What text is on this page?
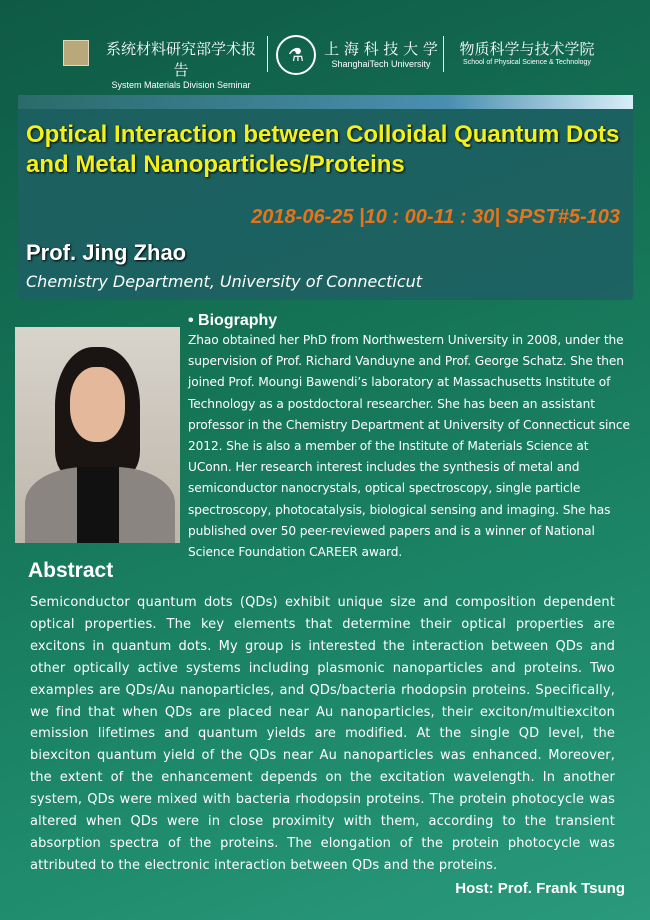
系统材料研究部学术报告
System Materials Division Seminar
⚗	上 海 科 技 大 学
ShanghaiTech University
物质科学与技术学院
School of Physical Science & Technology
Optical Interaction between Colloidal Quantum Dots and Metal Nanoparticles/Proteins
2018-06-25 |10 : 00-11 : 30| SPST#5-103
Prof. Jing Zhao
Chemistry Department, University of Connecticut
• Biography
Zhao obtained her PhD from Northwestern University in 2008, under the supervision of Prof. Richard Vanduyne and Prof. George Schatz. She then joined Prof. Moungi Bawendi’s laboratory at Massachusetts Institute of Technology as a postdoctoral researcher. She has been an assistant professor in the Chemistry Department at University of Connecticut since 2012. She is also a member of the Institute of Materials Science at UConn. Her research interest includes the synthesis of metal and semiconductor nanocrystals, optical spectroscopy, single particle spectroscopy, photocatalysis, biological sensing and imaging. She has published over 50 peer-reviewed papers and is a winner of National Science Foundation CAREER award.
Abstract
Semiconductor quantum dots (QDs) exhibit unique size and composition dependent optical properties. The key elements that determine their optical properties are excitons in quantum dots. My group is interested the interaction between QDs and other optically active systems including plasmonic nanoparticles and proteins. Two examples are QDs/Au nanoparticles, and QDs/bacteria rhodopsin proteins. Specifically, we find that when QDs are placed near Au nanoparticles, their exciton/multiexciton emission lifetimes and quantum yields are modified. At the single QD level, the biexciton quantum yield of the QDs near Au nanoparticles was enhanced. Moreover, the extent of the enhancement depends on the excitation wavelength. In another system, QDs were mixed with bacteria rhodopsin proteins. The protein photocycle was altered when QDs were in close proximity with them, according to the transient absorption spectra of the proteins. The elongation of the protein photocycle was attributed to the electronic interaction between QDs and the proteins.
Host: Prof. Frank Tsung
